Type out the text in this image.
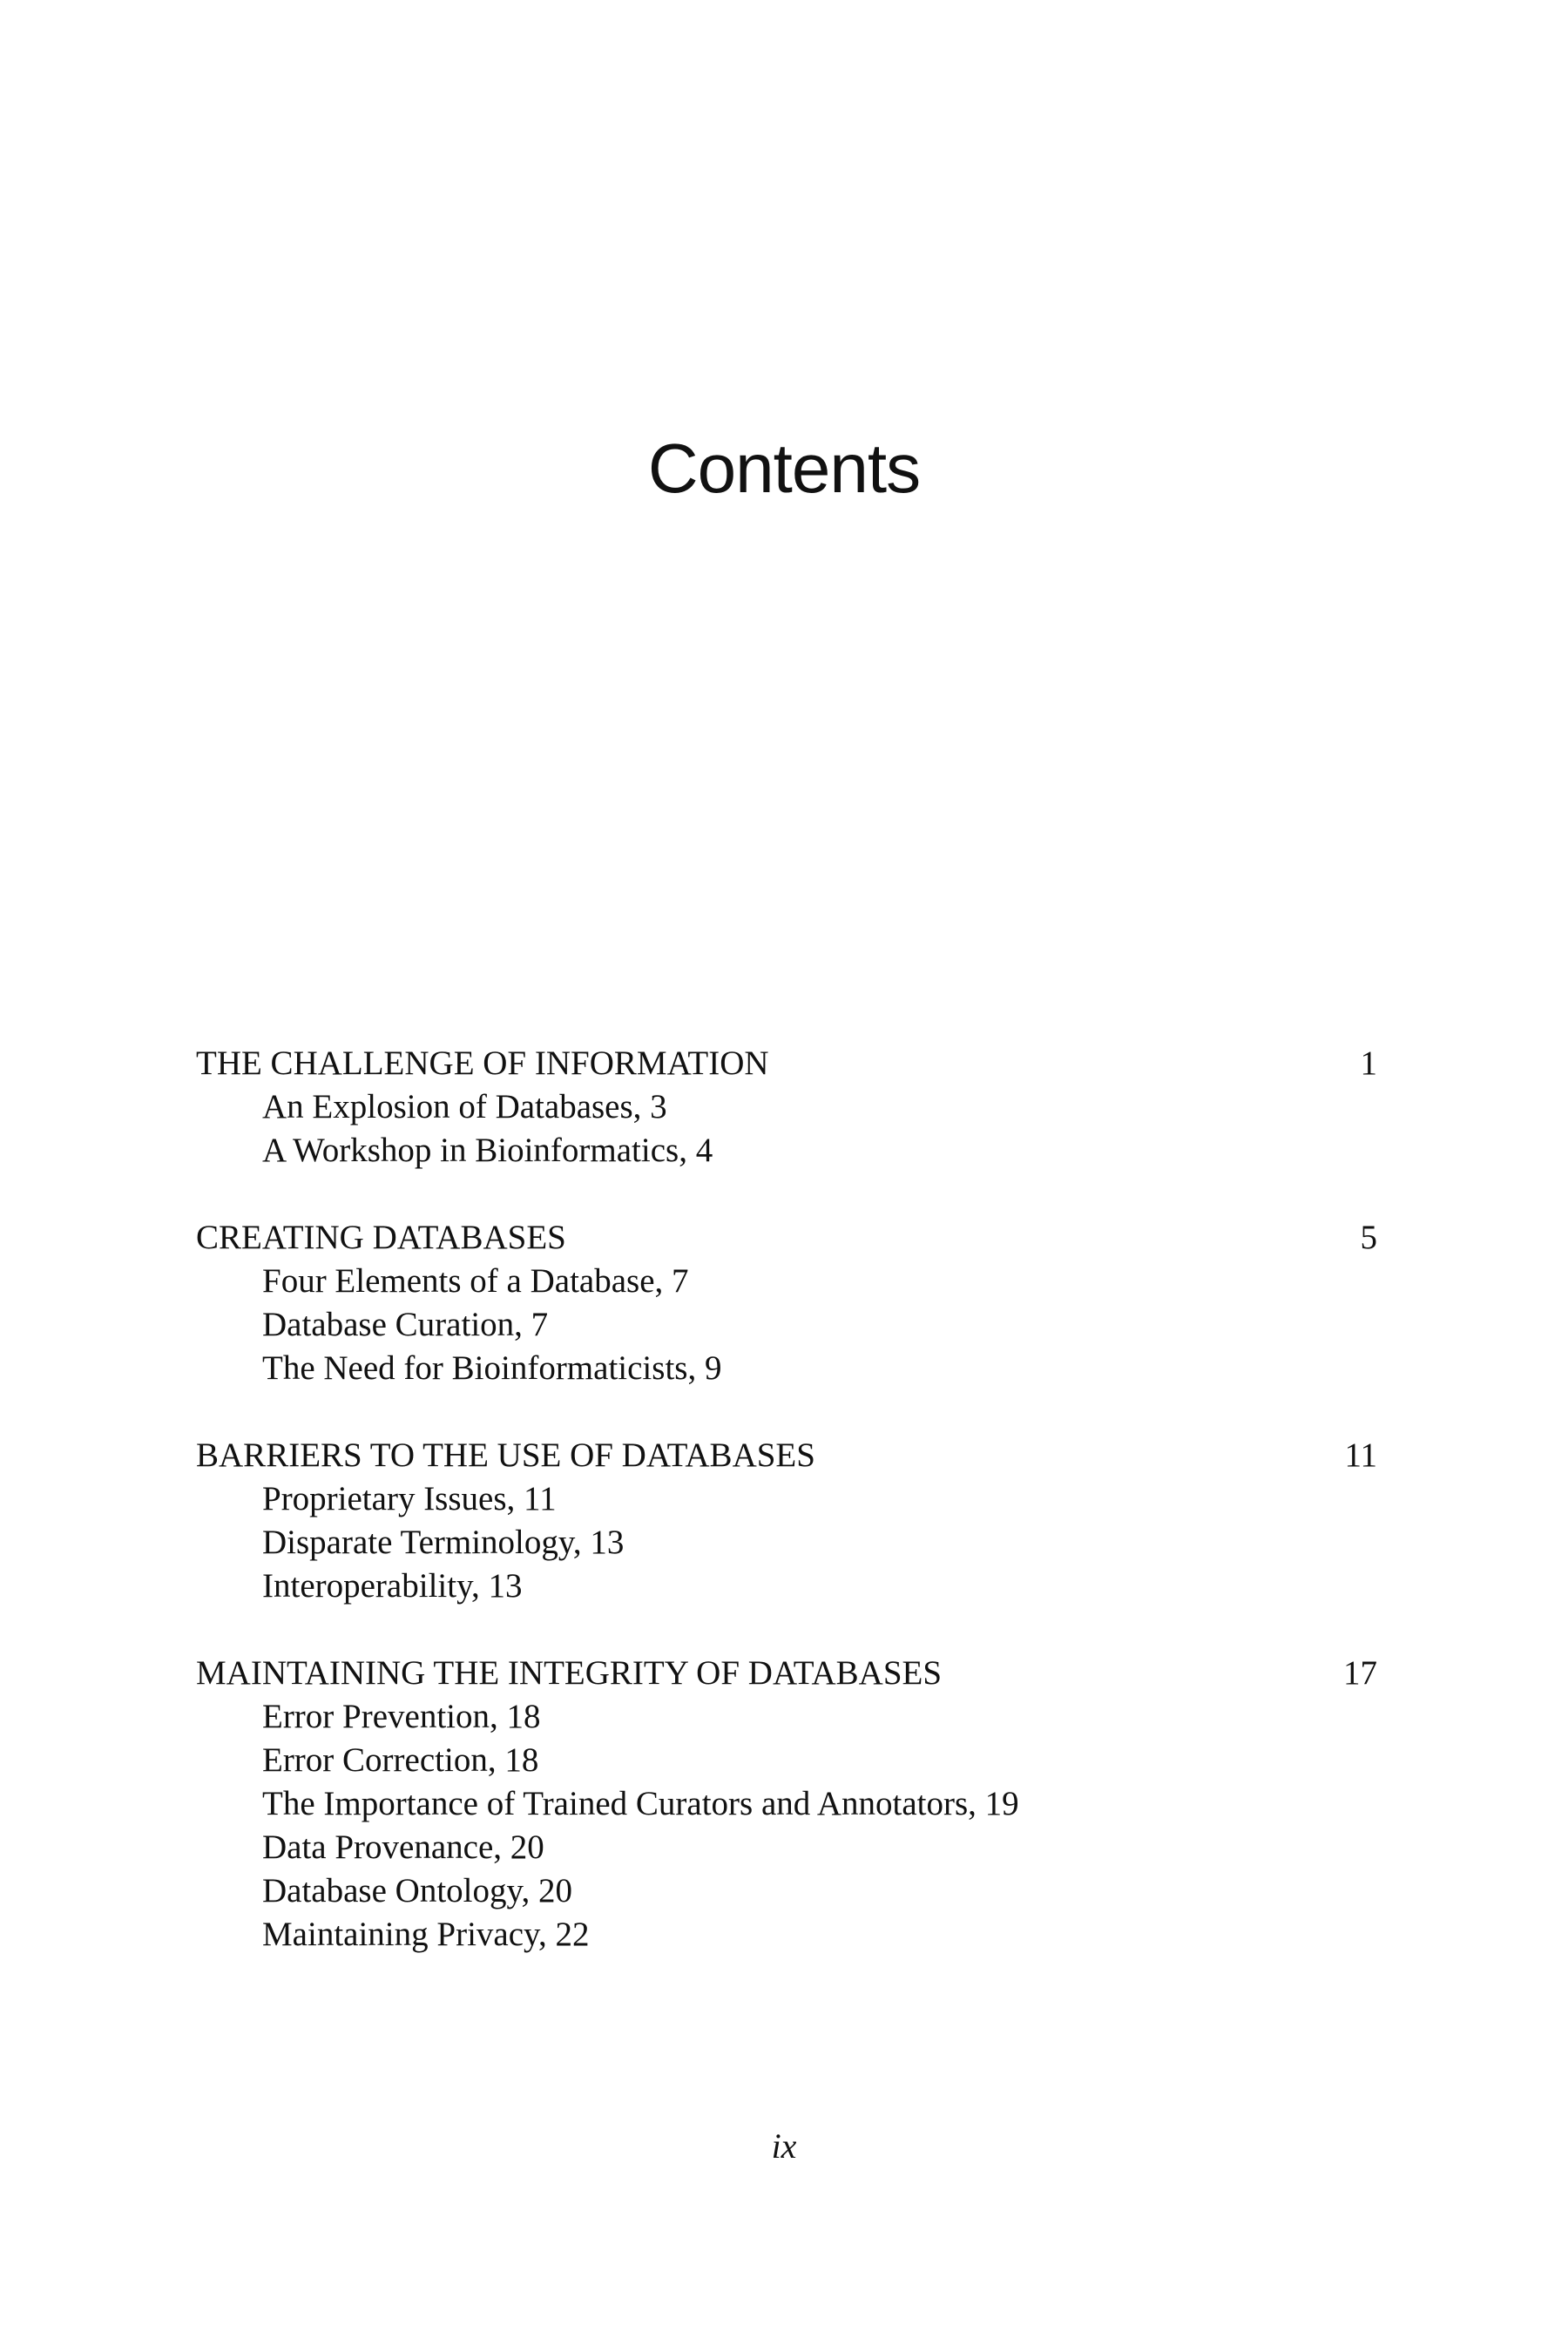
Contents
THE CHALLENGE OF INFORMATION	1
An Explosion of Databases, 3
A Workshop in Bioinformatics, 4
CREATING DATABASES	5
Four Elements of a Database, 7
Database Curation, 7
The Need for Bioinformaticists, 9
BARRIERS TO THE USE OF DATABASES	11
Proprietary Issues, 11
Disparate Terminology, 13
Interoperability, 13
MAINTAINING THE INTEGRITY OF DATABASES	17
Error Prevention, 18
Error Correction, 18
The Importance of Trained Curators and Annotators, 19
Data Provenance, 20
Database Ontology, 20
Maintaining Privacy, 22
ix
